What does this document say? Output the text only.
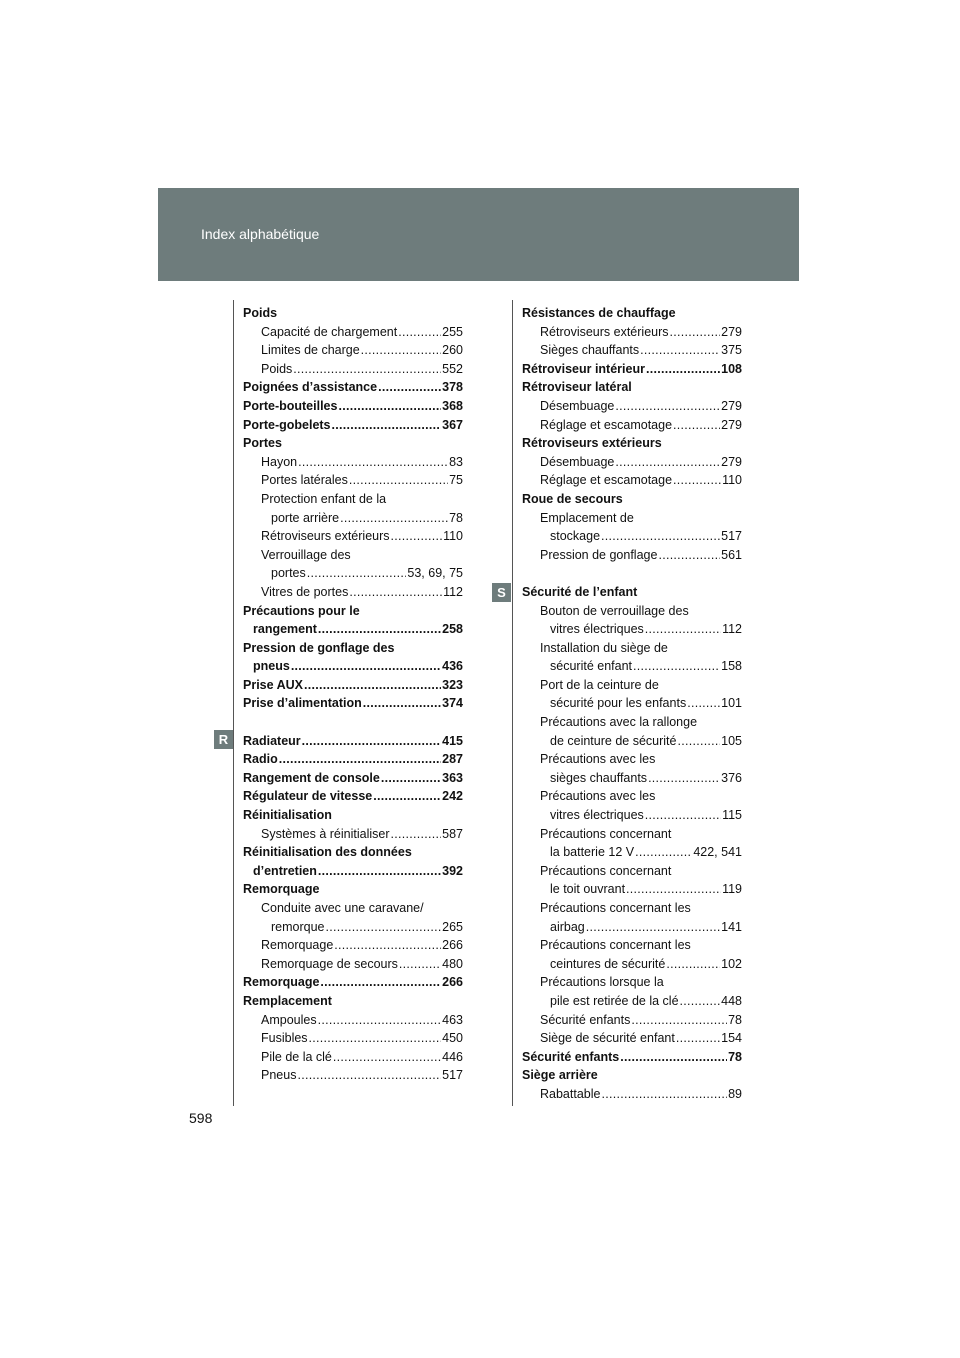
Index alphabétique
R
S
Poids
Capacité de chargement . . .	255
Limites de charge . . .	260
Poids . . .	552
Poignées d’assistance . . .	378
Porte-bouteilles . . .	368
Porte-gobelets . . .	367
Portes
Hayon . . .	83
Portes latérales . . .	75
Protection enfant de la
porte arrière . . .	78
Rétroviseurs extérieurs . . .	110
Verrouillage des
portes . . .	53, 69, 75
Vitres de portes . . .	112
Précautions pour le
rangement . . .	258
Pression de gonflage des
pneus . . .	436
Prise AUX . . .	323
Prise d’alimentation . . .	374
Radiateur . . .	415
Radio . . .	287
Rangement de console . . .	363
Régulateur de vitesse . . .	242
Réinitialisation
Systèmes à réinitialiser . . .	587
Réinitialisation des données
d’entretien . . .	392
Remorquage
Conduite avec une caravane/
remorque . . .	265
Remorquage . . .	266
Remorquage de secours . . .	480
Remorquage . . .	266
Remplacement
Ampoules . . .	463
Fusibles . . .	450
Pile de la clé . . .	446
Pneus . . .	517
Résistances de chauffage
Rétroviseurs extérieurs . . .	279
Sièges chauffants . . .	375
Rétroviseur intérieur . . .	108
Rétroviseur latéral
Désembuage . . .	279
Réglage et escamotage . . .	279
Rétroviseurs extérieurs
Désembuage . . .	279
Réglage et escamotage . . .	110
Roue de secours
Emplacement de
stockage . . .	517
Pression de gonflage . . .	561
Sécurité de l’enfant
Bouton de verrouillage des
vitres électriques . . .	112
Installation du siège de
sécurité enfant . . .	158
Port de la ceinture de
sécurité pour les enfants . . .	101
Précautions avec la rallonge
de ceinture de sécurité . . .	105
Précautions avec les
sièges chauffants . . .	376
Précautions avec les
vitres électriques . . .	115
Précautions concernant
la batterie 12 V . . .	422, 541
Précautions concernant
le toit ouvrant . . .	119
Précautions concernant les
airbag . . .	141
Précautions concernant les
ceintures de sécurité . . .	102
Précautions lorsque la
pile est retirée de la clé . . .	448
Sécurité enfants . . .	78
Siège de sécurité enfant . . .	154
Sécurité enfants . . .	78
Siège arrière
Rabattable . . .	89
598
